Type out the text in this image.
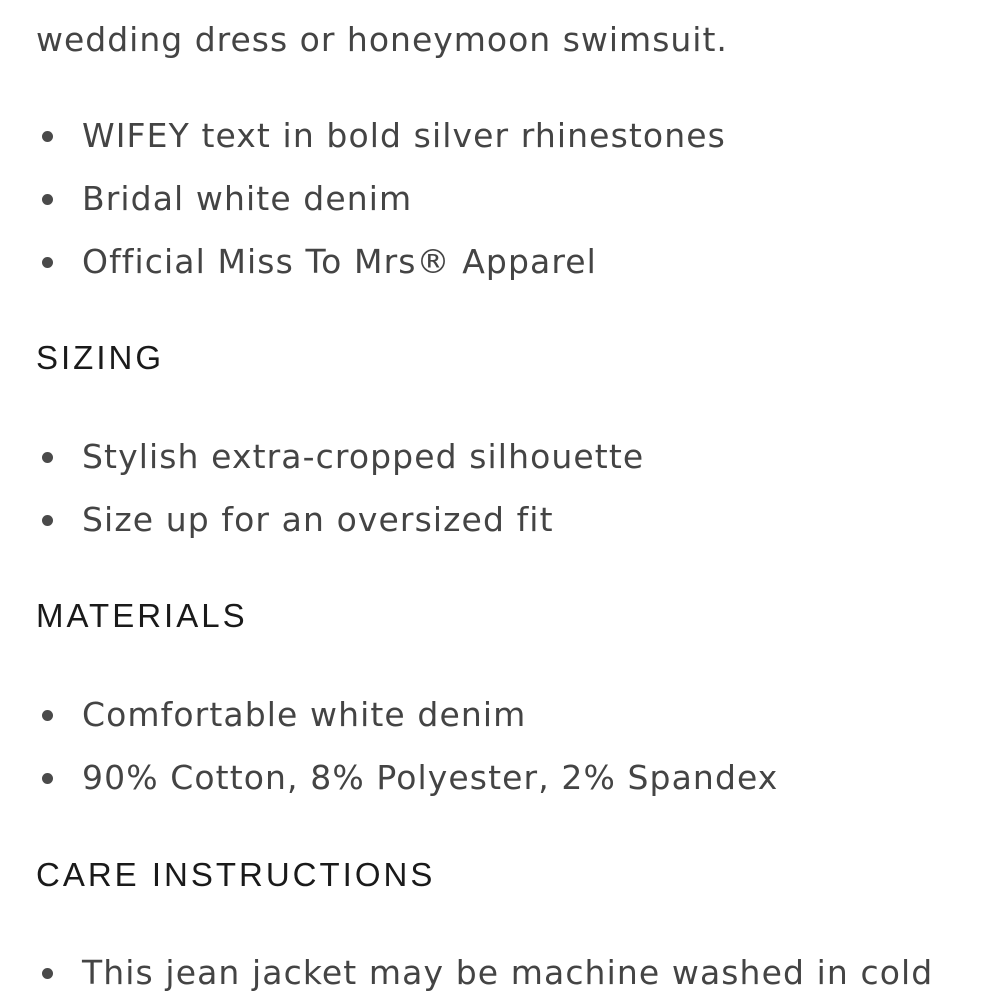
wedding dress or honeymoon swimsuit.
WIFEY text in bold silver rhinestones
Bridal white denim
Official Miss To Mrs® Apparel
SIZING
Stylish extra-cropped silhouette
Size up for an oversized fit
MATERIALS
Comfortable white denim
90% Cotton, 8% Polyester, 2% Spandex
CARE INSTRUCTIONS
This jean jacket may be machine washed in cold
